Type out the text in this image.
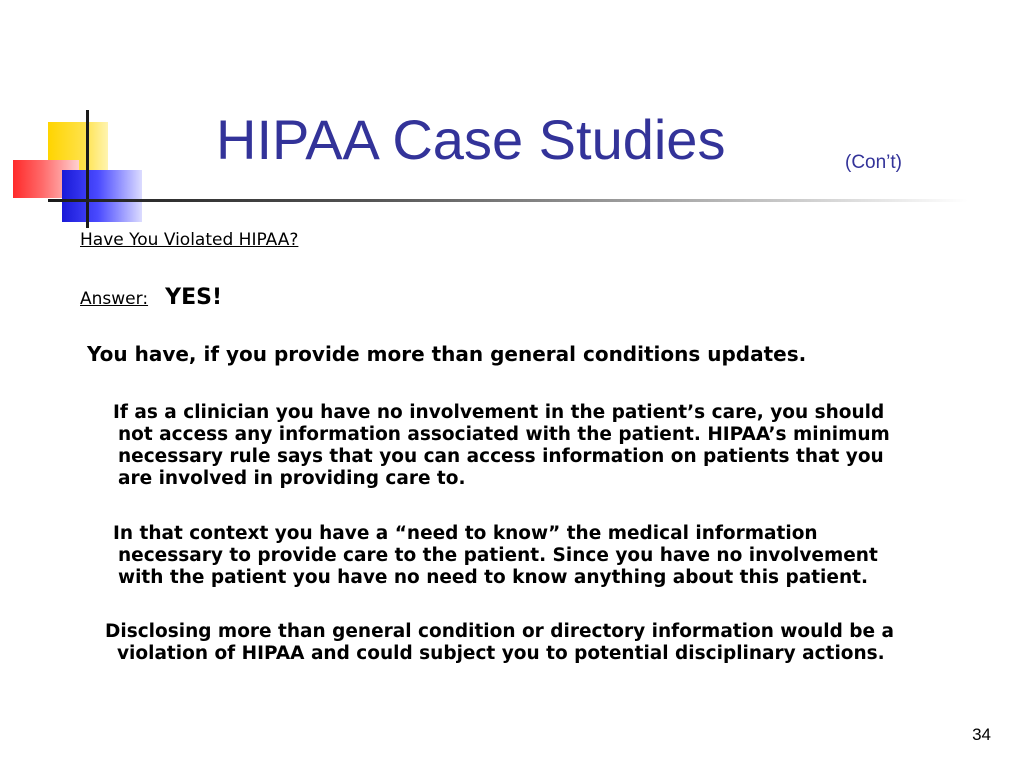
HIPAA Case Studies	(Con’t)
Have You Violated HIPAA?
Answer: YES!
You have, if you provide more than general conditions updates.
If as a clinician you have no involvement in the patient’s care, you should
not access any information associated with the patient. HIPAA’s minimum
necessary rule says that you can access information on patients that you
are involved in providing care to.
In that context you have a “need to know” the medical information
necessary to provide care to the patient. Since you have no involvement
with the patient you have no need to know anything about this patient.
Disclosing more than general condition or directory information would be a
violation of HIPAA and could subject you to potential disciplinary actions.
34
